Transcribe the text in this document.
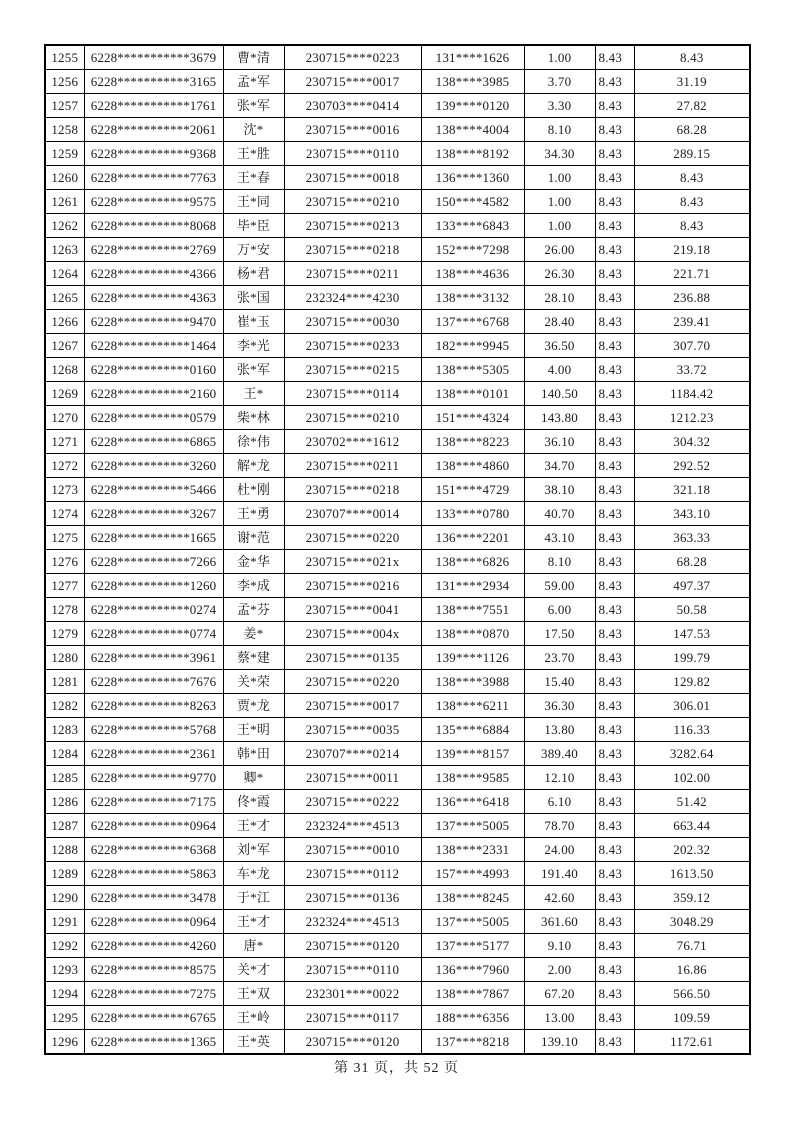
1255	6228***********3679	曹*清	230715****0223	131****1626	1.00	8.43	8.43
1256	6228***********3165	孟*军	230715****0017	138****3985	3.70	8.43	31.19
1257	6228***********1761	张*军	230703****0414	139****0120	3.30	8.43	27.82
1258	6228***********2061	沈*	230715****0016	138****4004	8.10	8.43	68.28
1259	6228***********9368	王*胜	230715****0110	138****8192	34.30	8.43	289.15
1260	6228***********7763	王*春	230715****0018	136****1360	1.00	8.43	8.43
1261	6228***********9575	王*同	230715****0210	150****4582	1.00	8.43	8.43
1262	6228***********8068	毕*臣	230715****0213	133****6843	1.00	8.43	8.43
1263	6228***********2769	万*安	230715****0218	152****7298	26.00	8.43	219.18
1264	6228***********4366	杨*君	230715****0211	138****4636	26.30	8.43	221.71
1265	6228***********4363	张*国	232324****4230	138****3132	28.10	8.43	236.88
1266	6228***********9470	崔*玉	230715****0030	137****6768	28.40	8.43	239.41
1267	6228***********1464	李*光	230715****0233	182****9945	36.50	8.43	307.70
1268	6228***********0160	张*军	230715****0215	138****5305	4.00	8.43	33.72
1269	6228***********2160	王*	230715****0114	138****0101	140.50	8.43	1184.42
1270	6228***********0579	柴*林	230715****0210	151****4324	143.80	8.43	1212.23
1271	6228***********6865	徐*伟	230702****1612	138****8223	36.10	8.43	304.32
1272	6228***********3260	解*龙	230715****0211	138****4860	34.70	8.43	292.52
1273	6228***********5466	杜*刚	230715****0218	151****4729	38.10	8.43	321.18
1274	6228***********3267	王*勇	230707****0014	133****0780	40.70	8.43	343.10
1275	6228***********1665	谢*范	230715****0220	136****2201	43.10	8.43	363.33
1276	6228***********7266	金*华	230715****021x	138****6826	8.10	8.43	68.28
1277	6228***********1260	李*成	230715****0216	131****2934	59.00	8.43	497.37
1278	6228***********0274	孟*芬	230715****0041	138****7551	6.00	8.43	50.58
1279	6228***********0774	姜*	230715****004x	138****0870	17.50	8.43	147.53
1280	6228***********3961	蔡*建	230715****0135	139****1126	23.70	8.43	199.79
1281	6228***********7676	关*荣	230715****0220	138****3988	15.40	8.43	129.82
1282	6228***********8263	贾*龙	230715****0017	138****6211	36.30	8.43	306.01
1283	6228***********5768	王*明	230715****0035	135****6884	13.80	8.43	116.33
1284	6228***********2361	韩*田	230707****0214	139****8157	389.40	8.43	3282.64
1285	6228***********9770	卿*	230715****0011	138****9585	12.10	8.43	102.00
1286	6228***********7175	佟*霞	230715****0222	136****6418	6.10	8.43	51.42
1287	6228***********0964	王*才	232324****4513	137****5005	78.70	8.43	663.44
1288	6228***********6368	刘*军	230715****0010	138****2331	24.00	8.43	202.32
1289	6228***********5863	车*龙	230715****0112	157****4993	191.40	8.43	1613.50
1290	6228***********3478	于*江	230715****0136	138****8245	42.60	8.43	359.12
1291	6228***********0964	王*才	232324****4513	137****5005	361.60	8.43	3048.29
1292	6228***********4260	唐*	230715****0120	137****5177	9.10	8.43	76.71
1293	6228***********8575	关*才	230715****0110	136****7960	2.00	8.43	16.86
1294	6228***********7275	王*双	232301****0022	138****7867	67.20	8.43	566.50
1295	6228***********6765	王*岭	230715****0117	188****6356	13.00	8.43	109.59
1296	6228***********1365	王*英	230715****0120	137****8218	139.10	8.43	1172.61
第 31 页，共 52 页
